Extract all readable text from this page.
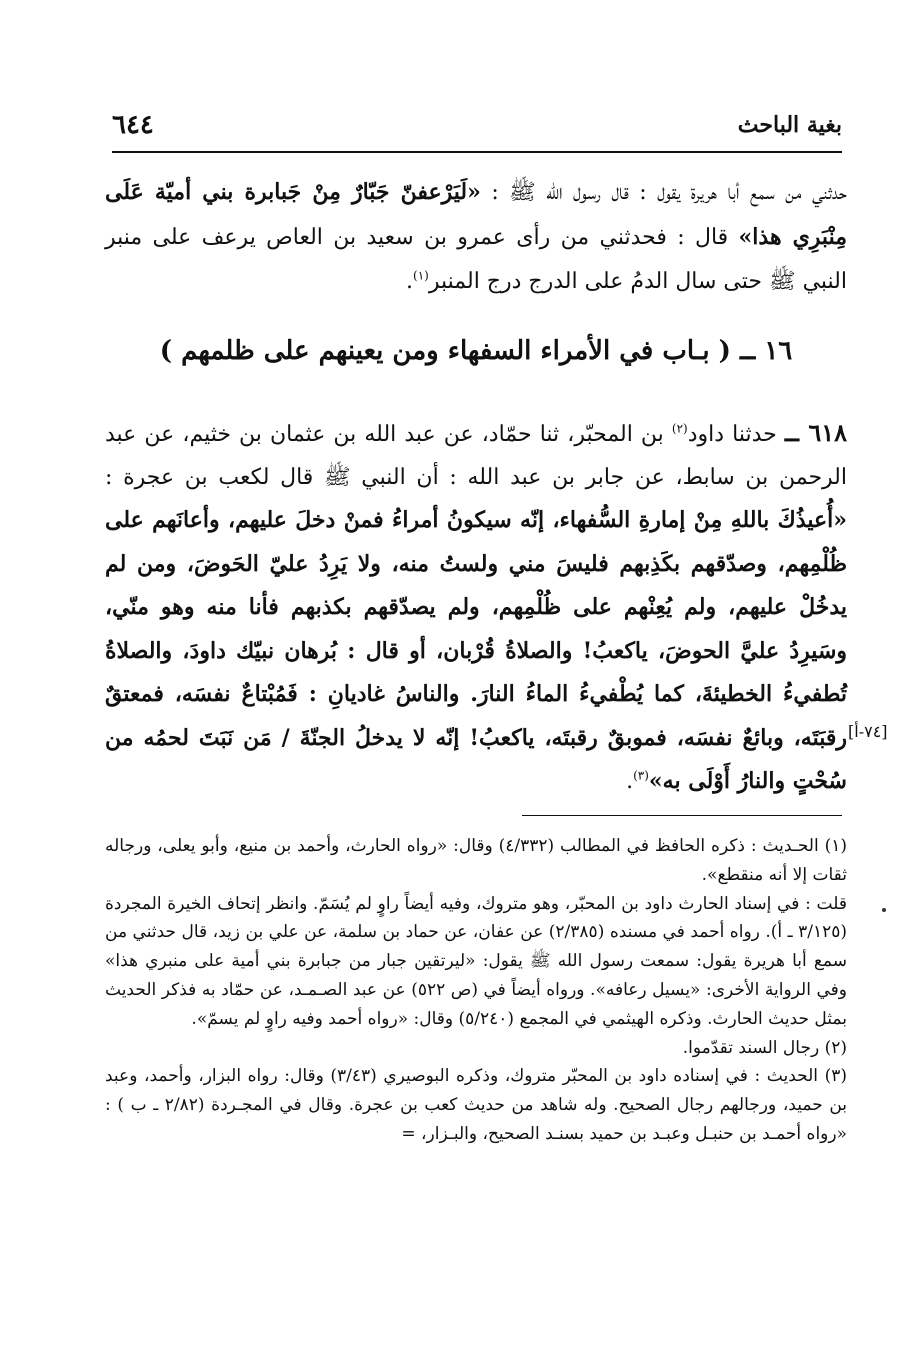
بغية الباحث
٦٤٤

حدثني من سمع أبا هريرة يقول : قال رسول الله ﷺ : «لَيَرْعفنّ جَبّارٌ مِنْ جَبابرة بني أميّة عَلَى مِنْبَرِي هذا» قال : فحدثني من رأى عمرو بن سعيد بن العاص يرعف على منبر النبي ﷺ حتى سال الدمُ على الدرج درج المنبر$^{(١)}$.

١٦ ــ ( بـاب في الأمراء السفهاء ومن يعينهم على ظلمهم )

٦١٨ ــ حدثنا داود$^{(٢)}$ بن المحبّر، ثنا حمّاد، عن عبد الله بن عثمان بن خثيم، عن عبد الرحمن بن سابط، عن جابر بن عبد الله : أن النبي ﷺ قال لكعب بن عجرة : «أُعيذُكَ باللهِ مِنْ إمارةِ السُّفهاء، إنّه سيكونُ أمراءُ فمنْ دخلَ عليهم، وأعانَهم على ظُلْمِهم، وصدّقهم بكَذِبهم فليسَ مني ولستُ منه، ولا يَرِدُ عليّ الحَوضَ، ومن لم يدخُلْ عليهم، ولم يُعِنْهم على ظُلْمِهم، ولم يصدّقهم بكذبهم فأنا منه وهو منّي، وسَيرِدُ عليَّ الحوضَ، ياكعبُ! والصلاةُ قُرْبان، أو قال : بُرهان نبيّك داودَ، والصلاةُ تُطفيءُ الخطيئةَ، كما يُطْفيءُ الماءُ النارَ. والناسُ غاديانِ : فَمُبْتاعٌ نفسَه، فمعتقٌ رقبَتَه، وبائعٌ نفسَه، فموبقٌ رقبتَه، ياكعبُ! إنّه لا يدخلُ الجنّةَ / مَن نَبَتَ لحمُه من سُحْتٍ والنارُ أَوْلَى به»$^{(٣)}$.

[٧٤-أ]

(١) الحـديث : ذكره الحافظ في المطالب (٤/٣٣٢) وقال: «رواه الحارث، وأحمد بن منيع، وأبو يعلى، ورجاله ثقات إلا أنه منقطع».

قلت : في إسناد الحارث داود بن المحبّر، وهو متروك، وفيه أيضاً راوٍ لم يُسَمّ. وانظر إتحاف الخيرة المجردة (٣/١٢٥ ـ أ). رواه أحمد في مسنده (٢/٣٨٥) عن عفان، عن حماد بن سلمة، عن علي بن زيد، قال حدثني من سمع أبا هريرة يقول: سمعت رسول الله ﷺ يقول: «ليرتقين جبار من جبابرة بني أمية على منبري هذا» وفي الرواية الأخرى: «يسيل رعافه». ورواه أيضاً في (ص ٥٢٢) عن عبد الصـمـد، عن حمّاد به فذكر الحديث بمثل حديث الحارث. وذكره الهيثمي في المجمع (٥/٢٤٠) وقال: «رواه أحمد وفيه راوٍ لم يسمّ».

(٢) رجال السند تقدّموا.

(٣) الحديث : في إسناده داود بن المحبّر متروك، وذكره البوصيري (٣/٤٣) وقال: رواه البزار، وأحمد، وعبد بن حميد، ورجالهم رجال الصحيح. وله شاهد من حديث كعب بن عجرة. وقال في المجـردة (٢/٨٢ ـ ب ) : «رواه أحمـد بن حنبـل وعبـد بن حميد بسنـد الصحيح، والبـزار، =
